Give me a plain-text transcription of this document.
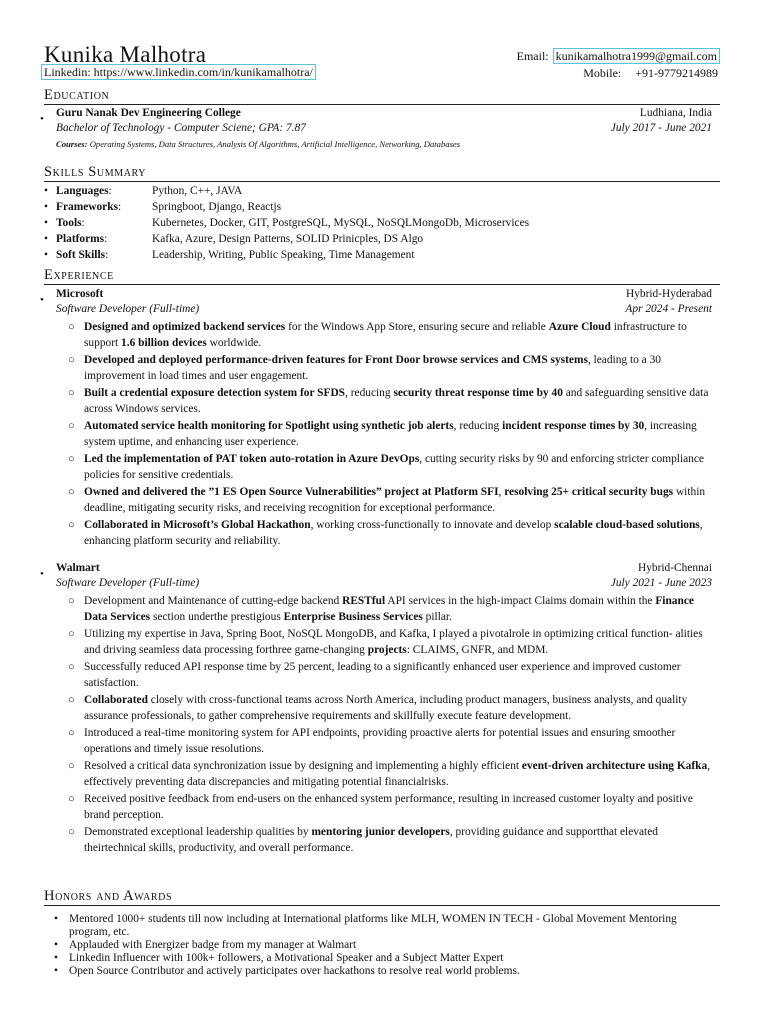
Kunika Malhotra
Linkedin: https://www.linkedin.com/in/kunikamalhotra/
Email: kunikamalhotra1999@gmail.com
Mobile: +91-9779214989
Education
• Guru Nanak Dev Engineering College	Ludhiana, India
Bachelor of Technology - Computer Sciene; GPA: 7.87	July 2017 - June 2021
Courses: Operating Systems, Data Structures, Analysis Of Algorithms, Artificial Intelligence, Networking, Databases
Skills Summary
• Languages:	Python, C++, JAVA
• Frameworks:	Springboot, Django, Reactjs
• Tools:	Kubernetes, Docker, GIT, PostgreSQL, MySQL, NoSQLMongoDb, Microservices
• Platforms:	Kafka, Azure, Design Patterns, SOLID Prinicples, DS Algo
• Soft Skills:	Leadership, Writing, Public Speaking, Time Management
Experience
• Microsoft	Hybrid-Hyderabad
Software Developer (Full-time)	Apr 2024 - Present
○ Designed and optimized backend services for the Windows App Store, ensuring secure and reliable Azure Cloud infrastructure to support 1.6 billion devices worldwide.
○ Developed and deployed performance-driven features for Front Door browse services and CMS systems, leading to a 30 improvement in load times and user engagement.
○ Built a credential exposure detection system for SFDS, reducing security threat response time by 40 and safeguarding sensitive data across Windows services.
○ Automated service health monitoring for Spotlight using synthetic job alerts, reducing incident response times by 30, increasing system uptime, and enhancing user experience.
○ Led the implementation of PAT token auto-rotation in Azure DevOps, cutting security risks by 90 and enforcing stricter compliance policies for sensitive credentials.
○ Owned and delivered the ”1 ES Open Source Vulnerabilities” project at Platform SFI, resolving 25+ critical security bugs within deadline, mitigating security risks, and receiving recognition for exceptional performance.
○ Collaborated in Microsoft’s Global Hackathon, working cross-functionally to innovate and develop scalable cloud-based solutions, enhancing platform security and reliability.
• Walmart	Hybrid-Chennai
Software Developer (Full-time)	July 2021 - June 2023
○ Development and Maintenance of cutting-edge backend RESTful API services in the high-impact Claims domain within the Finance Data Services section underthe prestigious Enterprise Business Services pillar.
○ Utilizing my expertise in Java, Spring Boot, NoSQL MongoDB, and Kafka, I played a pivotalrole in optimizing critical function- alities and driving seamless data processing forthree game-changing projects: CLAIMS, GNFR, and MDM.
○ Successfully reduced API response time by 25 percent, leading to a significantly enhanced user experience and improved customer satisfaction.
○ Collaborated closely with cross-functional teams across North America, including product managers, business analysts, and quality assurance professionals, to gather comprehensive requirements and skillfully execute feature development.
○ Introduced a real-time monitoring system for API endpoints, providing proactive alerts for potential issues and ensuring smoother operations and timely issue resolutions.
○ Resolved a critical data synchronization issue by designing and implementing a highly efficient event-driven architecture using Kafka, effectively preventing data discrepancies and mitigating potential financialrisks.
○ Received positive feedback from end-users on the enhanced system performance, resulting in increased customer loyalty and positive brand perception.
○ Demonstrated exceptional leadership qualities by mentoring junior developers, providing guidance and supportthat elevated theirtechnical skills, productivity, and overall performance.
Honors and Awards
• Mentored 1000+ students till now including at International platforms like MLH, WOMEN IN TECH - Global Movement Mentoring program, etc.
• Applauded with Energizer badge from my manager at Walmart
• Linkedin Influencer with 100k+ followers, a Motivational Speaker and a Subject Matter Expert
• Open Source Contributor and actively participates over hackathons to resolve real world problems.
